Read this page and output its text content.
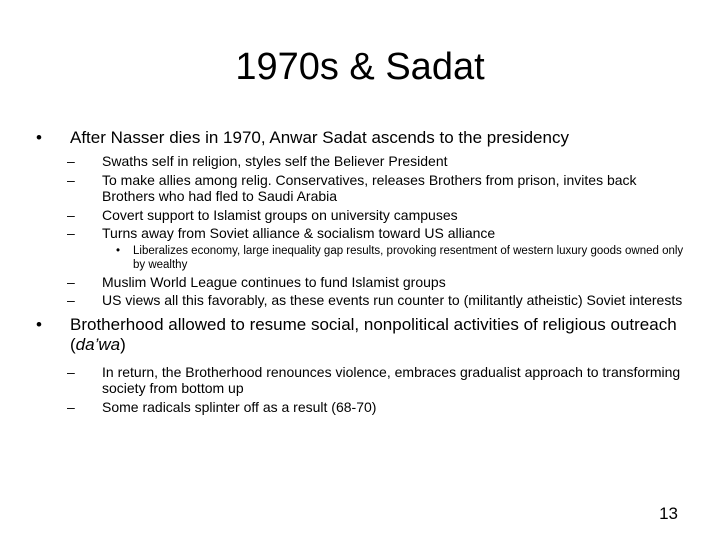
1970s & Sadat
•	After Nasser dies in 1970, Anwar Sadat ascends to the presidency
– Swaths self in religion, styles self the Believer President
– To make allies among relig. Conservatives, releases Brothers from prison, invites back Brothers who had fled to Saudi Arabia
– Covert support to Islamist groups on university campuses
– Turns away from Soviet alliance & socialism toward US alliance
• Liberalizes economy, large inequality gap results, provoking resentment of western luxury goods owned only by wealthy
– Muslim World League continues to fund Islamist groups
– US views all this favorably, as these events run counter to (militantly atheistic) Soviet interests
•	Brotherhood allowed to resume social, nonpolitical activities of religious outreach (da’wa)
– In return, the Brotherhood renounces violence, embraces gradualist approach to transforming society from bottom up
– Some radicals splinter off as a result (68-70)
13
